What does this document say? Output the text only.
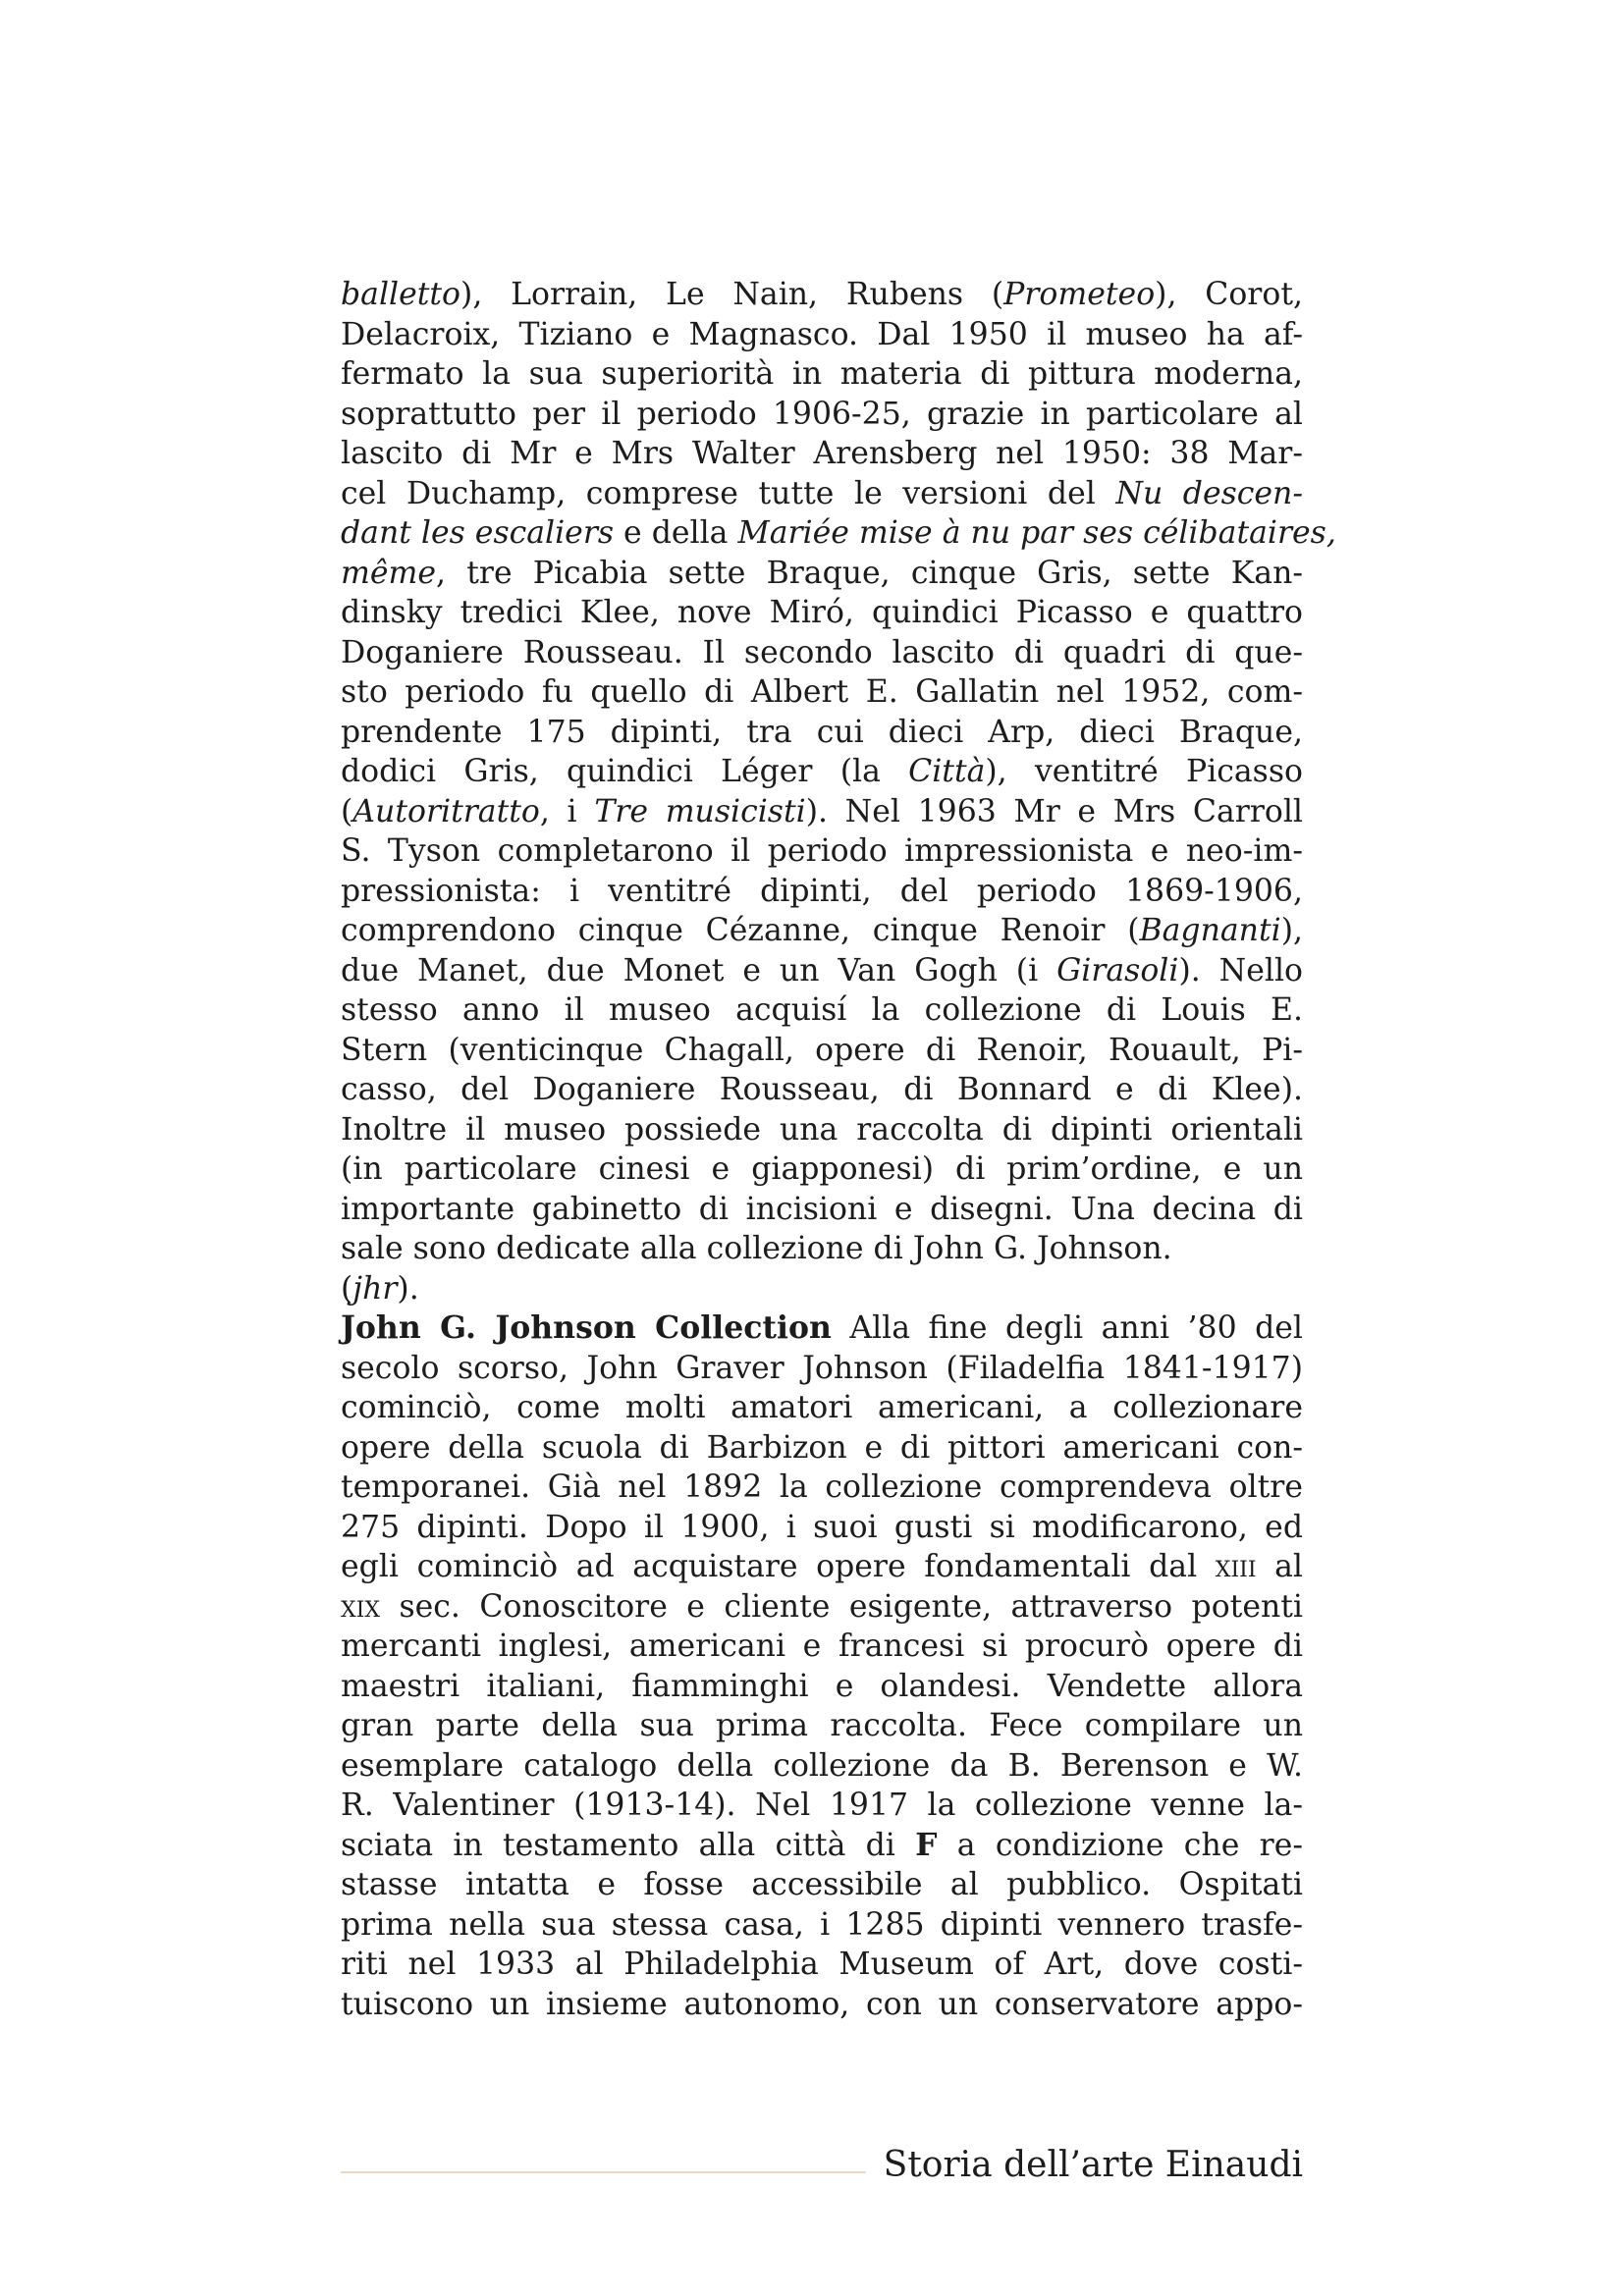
balletto), Lorrain, Le Nain, Rubens (Prometeo), Corot,
Delacroix, Tiziano e Magnasco. Dal 1950 il museo ha af-
fermato la sua superiorità in materia di pittura moderna,
soprattutto per il periodo 1906-25, grazie in particolare al
lascito di Mr e Mrs Walter Arensberg nel 1950: 38 Mar-
cel Duchamp, comprese tutte le versioni del Nu descen-
dant les escaliers e della Mariée mise à nu par ses célibataires,
même, tre Picabia sette Braque, cinque Gris, sette Kan-
dinsky tredici Klee, nove Miró, quindici Picasso e quattro
Doganiere Rousseau. Il secondo lascito di quadri di que-
sto periodo fu quello di Albert E. Gallatin nel 1952, com-
prendente 175 dipinti, tra cui dieci Arp, dieci Braque,
dodici Gris, quindici Léger (la Città), ventitré Picasso
(Autoritratto, i Tre musicisti). Nel 1963 Mr e Mrs Carroll
S. Tyson completarono il periodo impressionista e neo-im-
pressionista: i ventitré dipinti, del periodo 1869-1906,
comprendono cinque Cézanne, cinque Renoir (Bagnanti),
due Manet, due Monet e un Van Gogh (i Girasoli). Nello
stesso anno il museo acquisí la collezione di Louis E.
Stern (venticinque Chagall, opere di Renoir, Rouault, Pi-
casso, del Doganiere Rousseau, di Bonnard e di Klee).
Inoltre il museo possiede una raccolta di dipinti orientali
(in particolare cinesi e giapponesi) di prim’ordine, e un
importante gabinetto di incisioni e disegni. Una decina di
sale sono dedicate alla collezione di John G. Johnson.
(jhr).
John G. Johnson Collection Alla fine degli anni ’80 del
secolo scorso, John Graver Johnson (Filadelfia 1841-1917)
cominciò, come molti amatori americani, a collezionare
opere della scuola di Barbizon e di pittori americani con-
temporanei. Già nel 1892 la collezione comprendeva oltre
275 dipinti. Dopo il 1900, i suoi gusti si modificarono, ed
egli cominciò ad acquistare opere fondamentali dal xiii al
xix sec. Conoscitore e cliente esigente, attraverso potenti
mercanti inglesi, americani e francesi si procurò opere di
maestri italiani, fiamminghi e olandesi. Vendette allora
gran parte della sua prima raccolta. Fece compilare un
esemplare catalogo della collezione da B. Berenson e W.
R. Valentiner (1913-14). Nel 1917 la collezione venne la-
sciata in testamento alla città di F a condizione che re-
stasse intatta e fosse accessibile al pubblico. Ospitati
prima nella sua stessa casa, i 1285 dipinti vennero trasfe-
riti nel 1933 al Philadelphia Museum of Art, dove costi-
tuiscono un insieme autonomo, con un conservatore appo-
Storia dell’arte Einaudi
